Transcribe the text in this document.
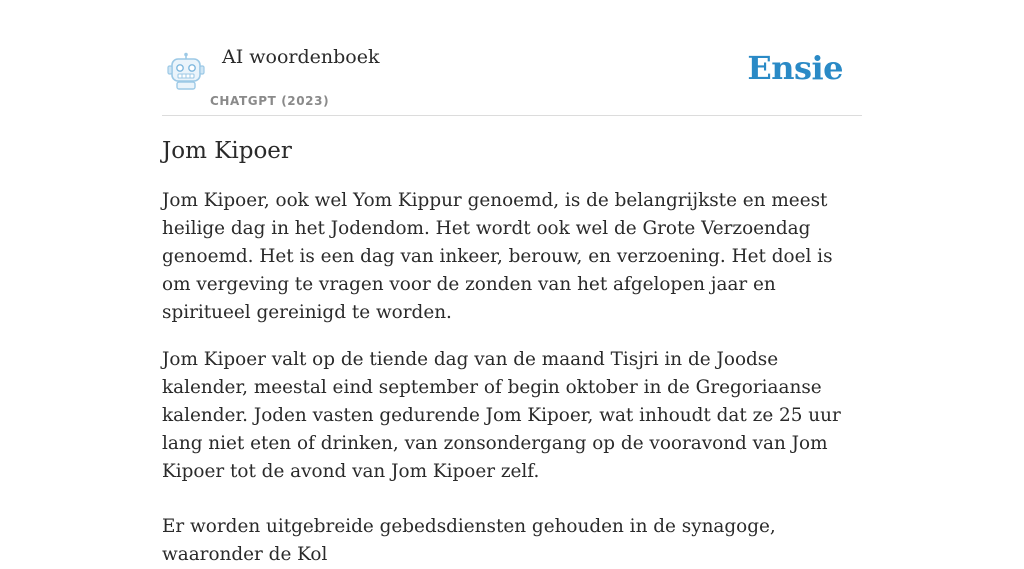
AI woordenboek
CHATGPT (2023)
Ensie
Jom Kipoer

Jom Kipoer, ook wel Yom Kippur genoemd, is de belangrijkste en meest heilige dag in het Jodendom. Het wordt ook wel de Grote Verzoendag genoemd. Het is een dag van inkeer, berouw, en verzoening. Het doel is om vergeving te vragen voor de zonden van het afgelopen jaar en spiritueel gereinigd te worden.

Jom Kipoer valt op de tiende dag van de maand Tisjri in de Joodse kalender, meestal eind september of begin oktober in de Gregoriaanse kalender. Joden vasten gedurende Jom Kipoer, wat inhoudt dat ze 25 uur lang niet eten of drinken, van zonsondergang op de vooravond van Jom Kipoer tot de avond van Jom Kipoer zelf.

Er worden uitgebreide gebedsdiensten gehouden in de synagoge, waaronder de Kol
